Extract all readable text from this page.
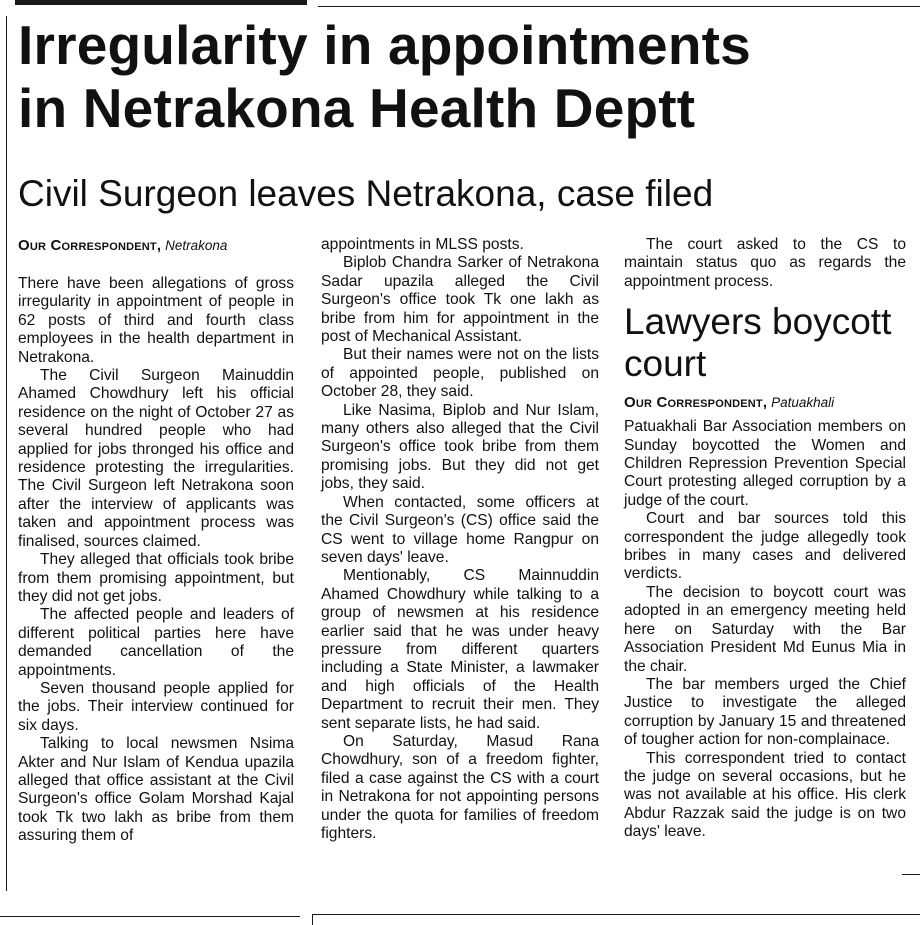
Irregularity in appointments
in Netrakona Health Deptt
Civil Surgeon leaves Netrakona, case filed
Our Correspondent, Netrakona

There have been allegations of gross irregularity in appointment of people in 62 posts of third and fourth class employees in the health department in Netrakona.

The Civil Surgeon Mainuddin Ahamed Chowdhury left his official residence on the night of October 27 as several hundred people who had applied for jobs thronged his office and residence protesting the irregularities. The Civil Surgeon left Netrakona soon after the interview of applicants was taken and appointment process was finalised, sources claimed.

They alleged that officials took bribe from them promising appointment, but they did not get jobs.

The affected people and leaders of different political parties here have demanded cancellation of the appointments.

Seven thousand people applied for the jobs. Their interview continued for six days.

Talking to local newsmen Nsima Akter and Nur Islam of Kendua upazila alleged that office assistant at the Civil Surgeon's office Golam Morshad Kajal took Tk two lakh as bribe from them assuring them of

appointments in MLSS posts.

Biplob Chandra Sarker of Netrakona Sadar upazila alleged the Civil Surgeon's office took Tk one lakh as bribe from him for appointment in the post of Mechanical Assistant.

But their names were not on the lists of appointed people, published on October 28, they said.

Like Nasima, Biplob and Nur Islam, many others also alleged that the Civil Surgeon's office took bribe from them promising jobs. But they did not get jobs, they said.

When contacted, some officers at the Civil Surgeon's (CS) office said the CS went to village home Rangpur on seven days' leave.

Mentionably, CS Mainnuddin Ahamed Chowdhury while talking to a group of newsmen at his residence earlier said that he was under heavy pressure from different quarters including a State Minister, a lawmaker and high officials of the Health Department to recruit their men. They sent separate lists, he had said.

On Saturday, Masud Rana Chowdhury, son of a freedom fighter, filed a case against the CS with a court in Netrakona for not appointing persons under the quota for families of freedom fighters.

The court asked to the CS to maintain status quo as regards the appointment process.

Lawyers boycott court
Our Correspondent, Patuakhali

Patuakhali Bar Association members on Sunday boycotted the Women and Children Repression Prevention Special Court protesting alleged corruption by a judge of the court.

Court and bar sources told this correspondent the judge allegedly took bribes in many cases and delivered verdicts.

The decision to boycott court was adopted in an emergency meeting held here on Saturday with the Bar Association President Md Eunus Mia in the chair.

The bar members urged the Chief Justice to investigate the alleged corruption by January 15 and threatened of tougher action for non-complainace.

This correspondent tried to contact the judge on several occasions, but he was not available at his office. His clerk Abdur Razzak said the judge is on two days' leave.
